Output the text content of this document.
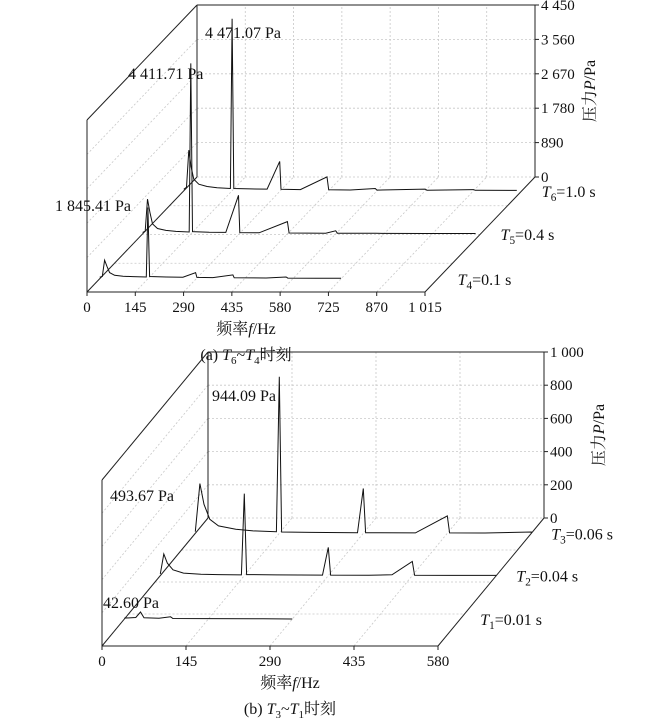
0 145 290 435 580 725 870 1 015
0
890
1 780
2 670
3 560
4 450
压力P/Pa
频率f/Hz
(a) $T_6\sim T_4$时刻
$T_6=1.0$ s
4 471.07 Pa
$T_5=0.4$ s
4 411.71 Pa
$T_4=0.1$ s
1 845.41 Pa
0	145	290	435	580
0
200
400
600
800
1 000
压力P/Pa
频率f/Hz
(b) $T_3\sim T_1$时刻
$T_3=0.06$ s
944.09 Pa
$T_2=0.04$ s
493.67 Pa
$T_1=0.01$ s
42.60 Pa
